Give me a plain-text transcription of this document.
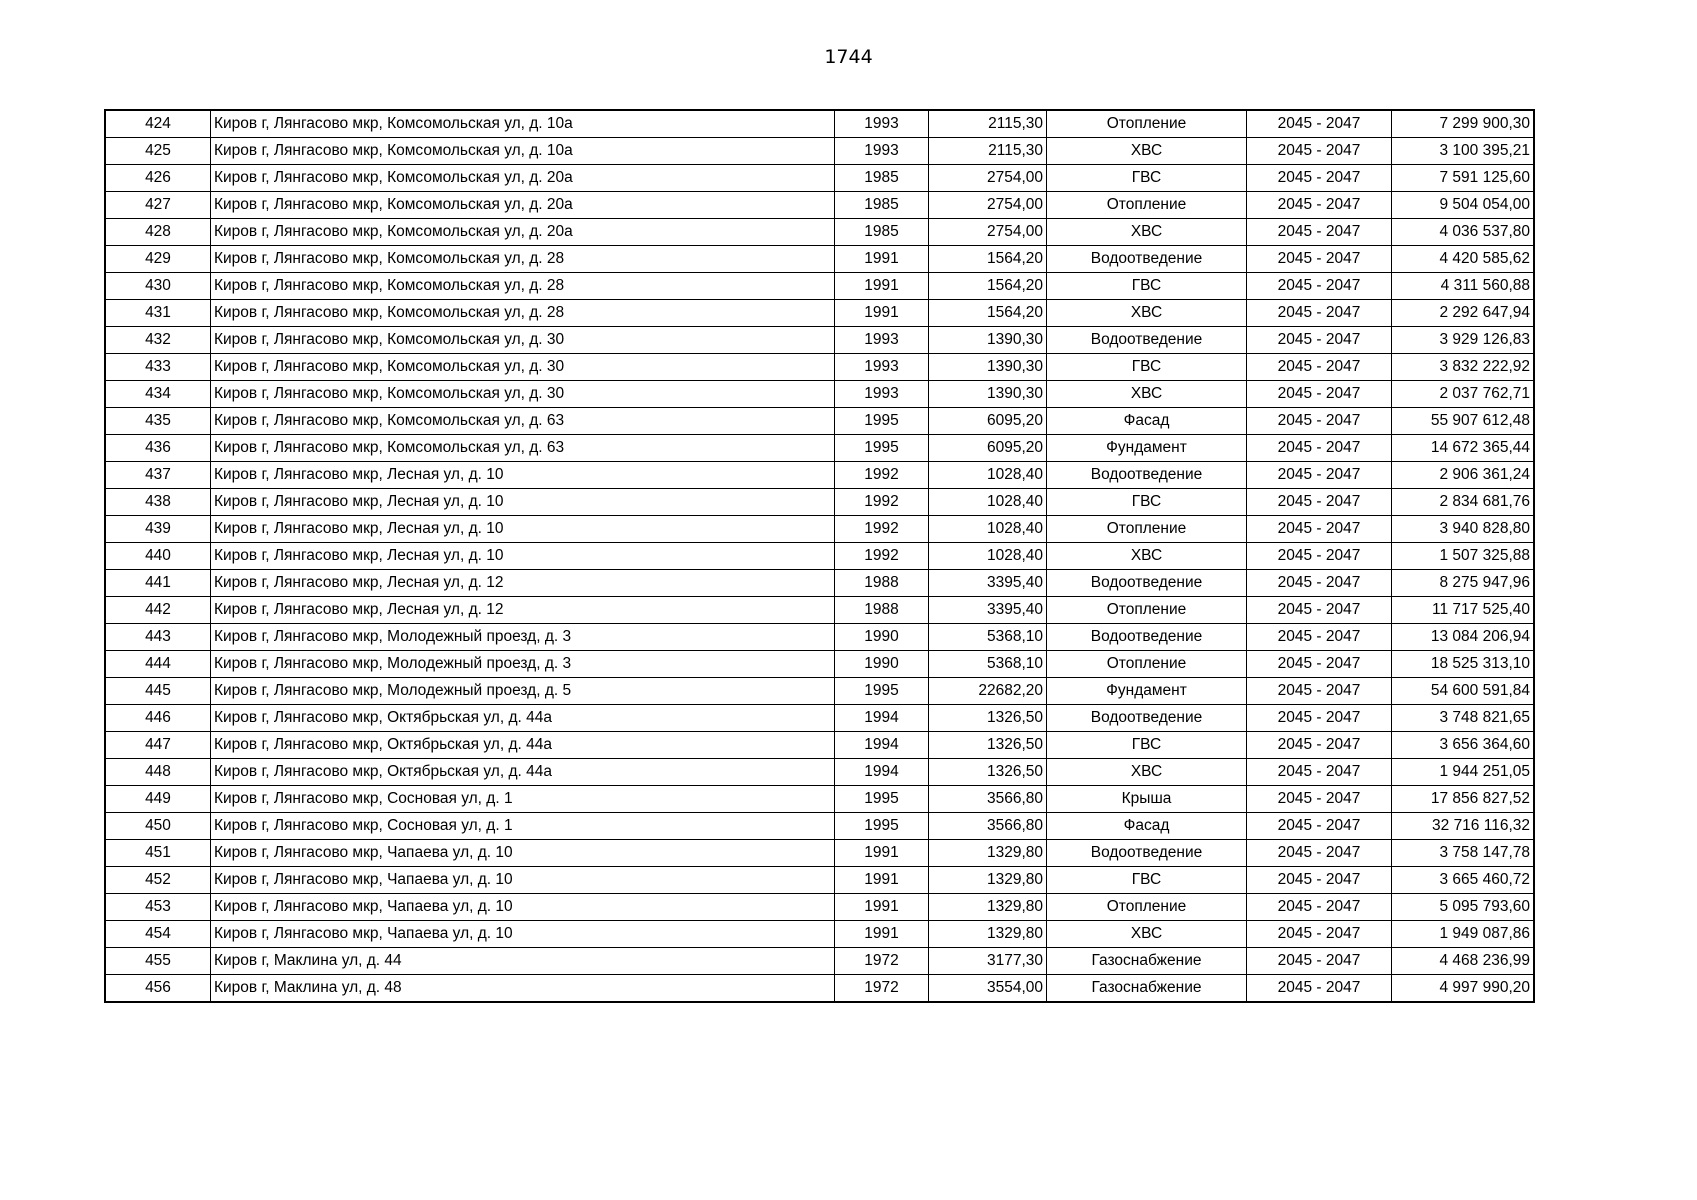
1744
424	Киров г, Лянгасово мкр, Комсомольская ул, д. 10а	1993	2115,30	Отопление	2045 - 2047	7 299 900,30
425	Киров г, Лянгасово мкр, Комсомольская ул, д. 10а	1993	2115,30	ХВС	2045 - 2047	3 100 395,21
426	Киров г, Лянгасово мкр, Комсомольская ул, д. 20а	1985	2754,00	ГВС	2045 - 2047	7 591 125,60
427	Киров г, Лянгасово мкр, Комсомольская ул, д. 20а	1985	2754,00	Отопление	2045 - 2047	9 504 054,00
428	Киров г, Лянгасово мкр, Комсомольская ул, д. 20а	1985	2754,00	ХВС	2045 - 2047	4 036 537,80
429	Киров г, Лянгасово мкр, Комсомольская ул, д. 28	1991	1564,20	Водоотведение	2045 - 2047	4 420 585,62
430	Киров г, Лянгасово мкр, Комсомольская ул, д. 28	1991	1564,20	ГВС	2045 - 2047	4 311 560,88
431	Киров г, Лянгасово мкр, Комсомольская ул, д. 28	1991	1564,20	ХВС	2045 - 2047	2 292 647,94
432	Киров г, Лянгасово мкр, Комсомольская ул, д. 30	1993	1390,30	Водоотведение	2045 - 2047	3 929 126,83
433	Киров г, Лянгасово мкр, Комсомольская ул, д. 30	1993	1390,30	ГВС	2045 - 2047	3 832 222,92
434	Киров г, Лянгасово мкр, Комсомольская ул, д. 30	1993	1390,30	ХВС	2045 - 2047	2 037 762,71
435	Киров г, Лянгасово мкр, Комсомольская ул, д. 63	1995	6095,20	Фасад	2045 - 2047	55 907 612,48
436	Киров г, Лянгасово мкр, Комсомольская ул, д. 63	1995	6095,20	Фундамент	2045 - 2047	14 672 365,44
437	Киров г, Лянгасово мкр, Лесная ул, д. 10	1992	1028,40	Водоотведение	2045 - 2047	2 906 361,24
438	Киров г, Лянгасово мкр, Лесная ул, д. 10	1992	1028,40	ГВС	2045 - 2047	2 834 681,76
439	Киров г, Лянгасово мкр, Лесная ул, д. 10	1992	1028,40	Отопление	2045 - 2047	3 940 828,80
440	Киров г, Лянгасово мкр, Лесная ул, д. 10	1992	1028,40	ХВС	2045 - 2047	1 507 325,88
441	Киров г, Лянгасово мкр, Лесная ул, д. 12	1988	3395,40	Водоотведение	2045 - 2047	8 275 947,96
442	Киров г, Лянгасово мкр, Лесная ул, д. 12	1988	3395,40	Отопление	2045 - 2047	11 717 525,40
443	Киров г, Лянгасово мкр, Молодежный проезд, д. 3	1990	5368,10	Водоотведение	2045 - 2047	13 084 206,94
444	Киров г, Лянгасово мкр, Молодежный проезд, д. 3	1990	5368,10	Отопление	2045 - 2047	18 525 313,10
445	Киров г, Лянгасово мкр, Молодежный проезд, д. 5	1995	22682,20	Фундамент	2045 - 2047	54 600 591,84
446	Киров г, Лянгасово мкр, Октябрьская ул, д. 44а	1994	1326,50	Водоотведение	2045 - 2047	3 748 821,65
447	Киров г, Лянгасово мкр, Октябрьская ул, д. 44а	1994	1326,50	ГВС	2045 - 2047	3 656 364,60
448	Киров г, Лянгасово мкр, Октябрьская ул, д. 44а	1994	1326,50	ХВС	2045 - 2047	1 944 251,05
449	Киров г, Лянгасово мкр, Сосновая ул, д. 1	1995	3566,80	Крыша	2045 - 2047	17 856 827,52
450	Киров г, Лянгасово мкр, Сосновая ул, д. 1	1995	3566,80	Фасад	2045 - 2047	32 716 116,32
451	Киров г, Лянгасово мкр, Чапаева ул, д. 10	1991	1329,80	Водоотведение	2045 - 2047	3 758 147,78
452	Киров г, Лянгасово мкр, Чапаева ул, д. 10	1991	1329,80	ГВС	2045 - 2047	3 665 460,72
453	Киров г, Лянгасово мкр, Чапаева ул, д. 10	1991	1329,80	Отопление	2045 - 2047	5 095 793,60
454	Киров г, Лянгасово мкр, Чапаева ул, д. 10	1991	1329,80	ХВС	2045 - 2047	1 949 087,86
455	Киров г, Маклина ул, д. 44	1972	3177,30	Газоснабжение	2045 - 2047	4 468 236,99
456	Киров г, Маклина ул, д. 48	1972	3554,00	Газоснабжение	2045 - 2047	4 997 990,20
